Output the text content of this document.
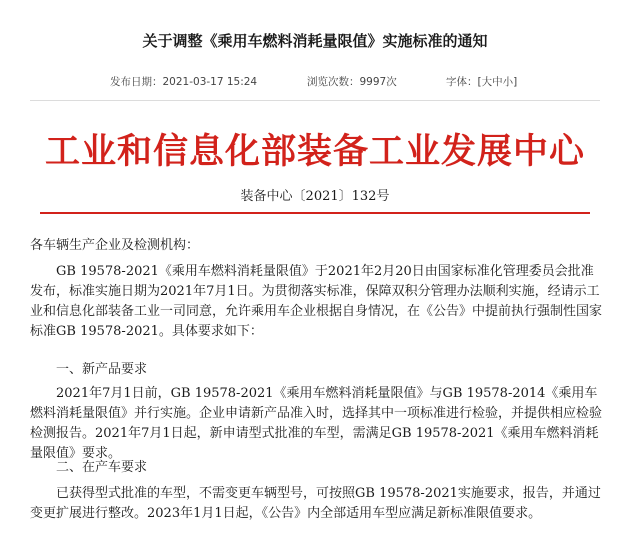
关于调整《乘用车燃料消耗量限值》实施标准的通知
发布日期：2021-03-17 15:24	浏览次数：9997次	字体：[大中小]
工业和信息化部装备工业发展中心
装备中心〔2021〕132号
各车辆生产企业及检测机构：

GB 19578-2021《乘用车燃料消耗量限值》于2021年2月20日由国家标准化管理委员会批准发布，标准实施日期为2021年7月1日。为贯彻落实标准，保障双积分管理办法顺利实施，经请示工业和信息化部装备工业一司同意，允许乘用车企业根据自身情况，在《公告》中提前执行强制性国家标准GB 19578-2021。具体要求如下：

一、新产品要求

2021年7月1日前，GB 19578-2021《乘用车燃料消耗量限值》与GB 19578-2014《乘用车燃料消耗量限值》并行实施。企业申请新产品准入时，选择其中一项标准进行检验，并提供相应检验检测报告。2021年7月1日起，新申请型式批准的车型，需满足GB 19578-2021《乘用车燃料消耗量限值》要求。

二、在产车要求

已获得型式批准的车型，不需变更车辆型号，可按照GB 19578-2021实施要求，报告，并通过变更扩展进行整改。2023年1月1日起，《公告》内全部适用车型应满足新标准限值要求。
